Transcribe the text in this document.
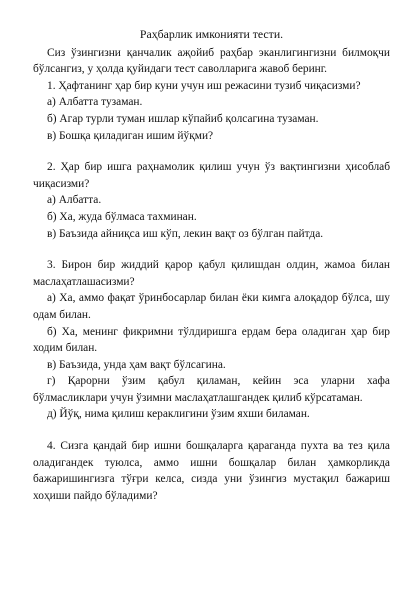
Раҳбарлик имконияти тести.

Сиз ўзингизни қанчалик аҗойиб раҳбар эканлигингизни билмоқчи бўлсангиз, у ҳолда қуйидаги тест саволларига жавоб беринг.

1. Ҳафтанинг ҳар бир куни учун иш режасини тузиб чиқасизми?

а) Албатта тузаман.

б) Агар турли туман ишлар кўпайиб қолсагина тузаман.

в) Бошқа қиладиган ишим йўқми?

2. Ҳар бир ишга раҳнамолик қилиш учун ўз вақтингизни ҳисоблаб чиқасизми?

а) Албатта.

б) Ха, жуда бўлмаса тахминан.

в) Баъзида айниқса иш кўп, лекин вақт оз бўлган пайтда.

3. Бирон бир жиддий қарор қабул қилишдан олдин, жамоа билан маслаҳатлашасизми?

а) Ха, аммо фақат ўринбосарлар билан ёки кимга алоқадор бўлса, шу одам билан.

б) Ха, менинг фикримни тўлдиришга ердам бера оладиган ҳар бир ходим билан.

в) Баъзида, унда ҳам вақт бўлсагина.

г) Қарорни ўзим қабул қиламан, кейин эса уларни хафа бўлмасликлари учун ўзимни маслаҳатлашгандек қилиб кўрсатаман.

д) Йўқ, нима қилиш кераклигини ўзим яхши биламан.

4. Сизга қандай бир ишни бошқаларга қараганда пухта ва тез қила оладигандек туюлса, аммо ишни бошқалар билан ҳамкорликда бажаришингизга тўғри келса, сизда уни ўзингиз мустақил бажариш хоҳиши пайдо бўладими?
